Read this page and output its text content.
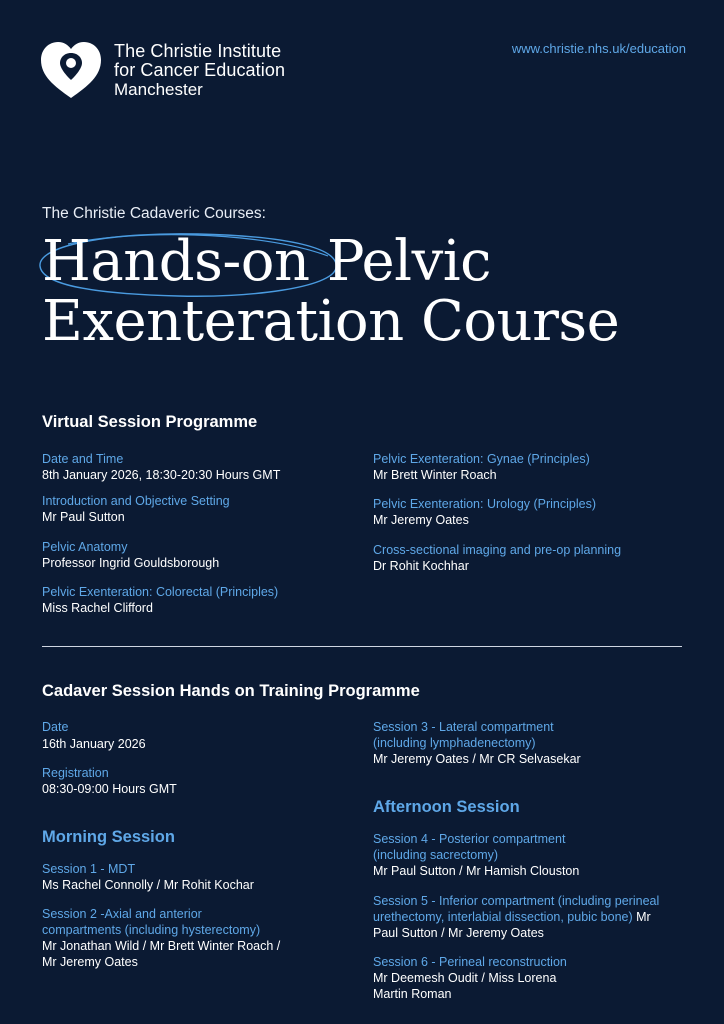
The Christie Institute
for Cancer Education
Manchester
www.christie.nhs.uk/education
The Christie Cadaveric Courses:
Hands-on Pelvic
Exenteration Course
Virtual Session Programme
Date and Time
8th January 2026, 18:30-20:30 Hours GMT
Introduction and Objective Setting
Mr Paul Sutton
Pelvic Anatomy
Professor Ingrid Gouldsborough
Pelvic Exenteration: Colorectal (Principles)
Miss Rachel Clifford
Pelvic Exenteration: Gynae (Principles)
Mr Brett Winter Roach
Pelvic Exenteration: Urology (Principles)
Mr Jeremy Oates
Cross-sectional imaging and pre-op planning
Dr Rohit Kochhar
Cadaver Session Hands on Training Programme
Date
16th January 2026
Registration
08:30-09:00 Hours GMT
Morning Session
Session 1 - MDT
Ms Rachel Connolly / Mr Rohit Kochar
Session 2 -Axial and anterior
compartments (including hysterectomy)
Mr Jonathan Wild / Mr Brett Winter Roach /
Mr Jeremy Oates
Session 3 - Lateral compartment
(including lymphadenectomy)
Mr Jeremy Oates / Mr CR Selvasekar
Afternoon Session
Session 4 - Posterior compartment
(including sacrectomy)
Mr Paul Sutton / Mr Hamish Clouston
Session 5 - Inferior compartment (including perineal
urethectomy, interlabial dissection, pubic bone) Mr
Paul Sutton / Mr Jeremy Oates
Session 6 - Perineal reconstruction
Mr Deemesh Oudit / Miss Lorena
Martin Roman
